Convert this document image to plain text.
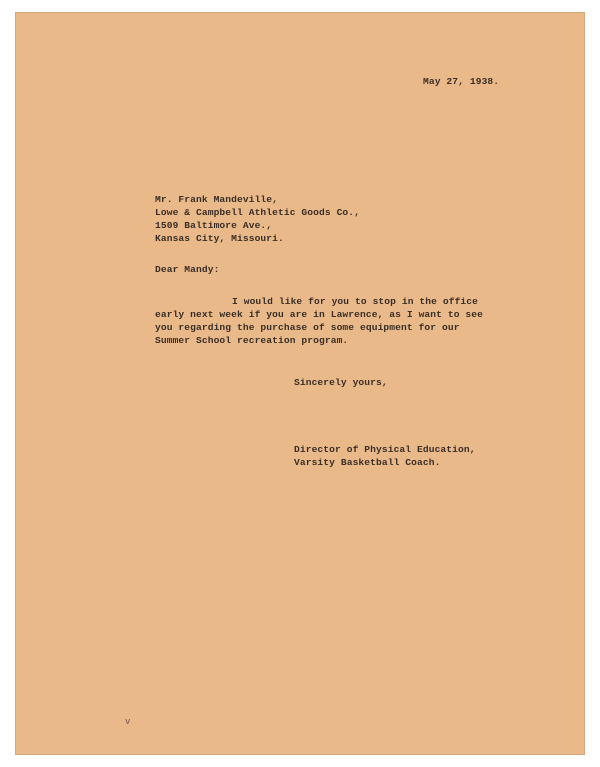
May 27, 1938.
Mr. Frank Mandeville,
Lowe & Campbell Athletic Goods Co.,
1509 Baltimore Ave.,
Kansas City, Missouri.
Dear Mandy:
I would like for you to stop in the office
early next week if you are in Lawrence, as I want to see
you regarding the purchase of some equipment for our
Summer School recreation program.
Sincerely yours,
Director of Physical Education,
Varsity Basketball Coach.
v
